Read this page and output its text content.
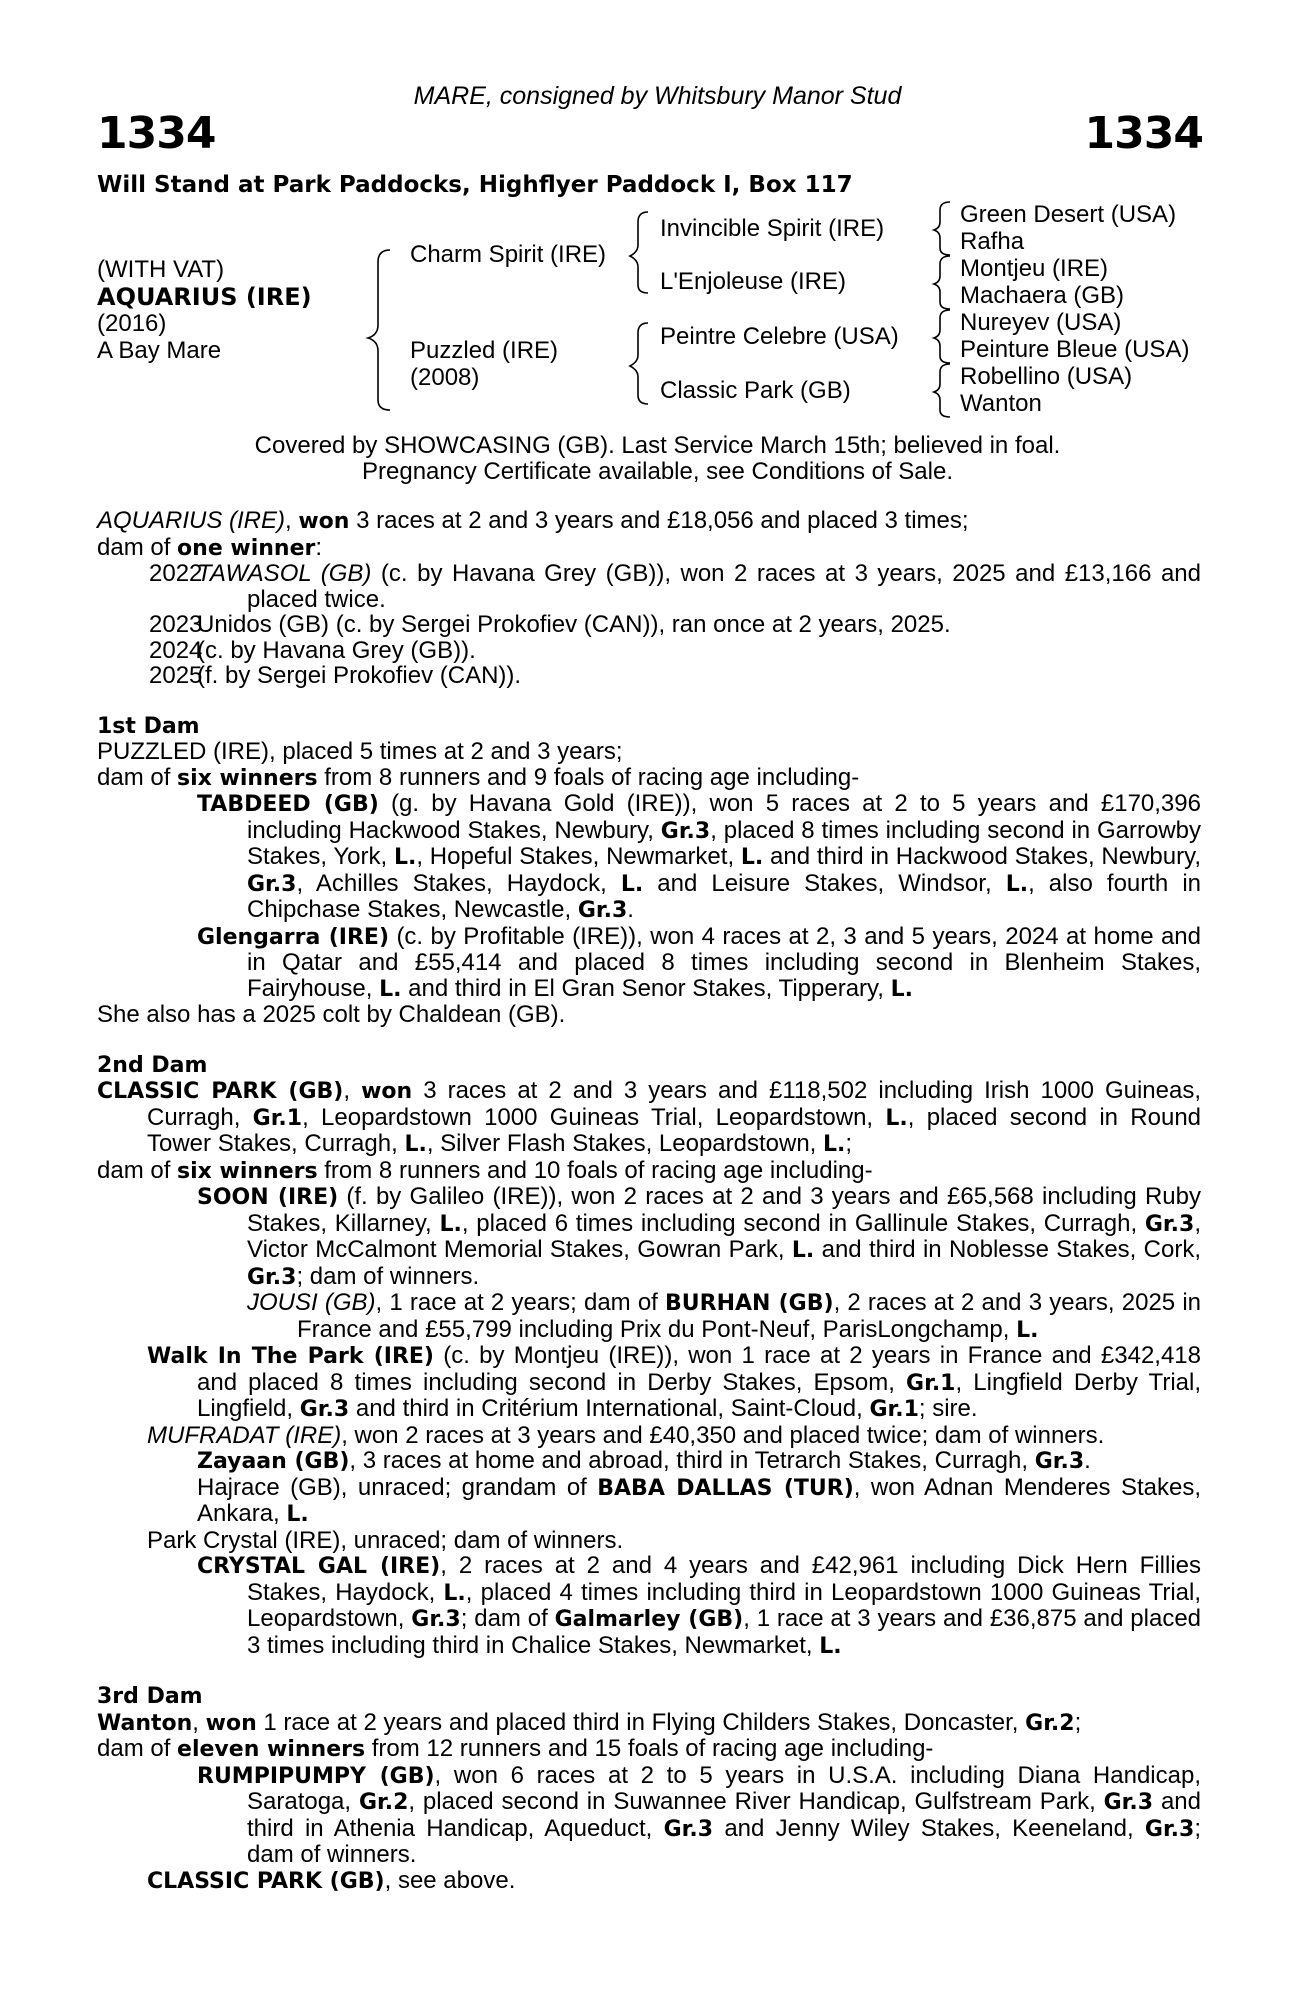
MARE, consigned by Whitsbury Manor Stud
1334	1334
Will Stand at Park Paddocks, Highflyer Paddock I, Box 117
(WITH VAT)
AQUARIUS (IRE)
(2016)
A Bay Mare
Charm Spirit (IRE)
Puzzled (IRE)
(2008)
Invincible Spirit (IRE)
L'Enjoleuse (IRE)
Peintre Celebre (USA)
Classic Park (GB)
Green Desert (USA)
Rafha
Montjeu (IRE)
Machaera (GB)
Nureyev (USA)
Peinture Bleue (USA)
Robellino (USA)
Wanton
Covered by SHOWCASING (GB). Last Service March 15th; believed in foal.
Pregnancy Certificate available, see Conditions of Sale.

AQUARIUS (IRE), won 3 races at 2 and 3 years and £18,056 and placed 3 times;

dam of one winner:

2022
TAWASOL (GB) (c. by Havana Grey (GB)), won 2 races at 3 years, 2025 and £13,166 and placed twice.
2023
Unidos (GB) (c. by Sergei Prokofiev (CAN)), ran once at 2 years, 2025.
2024
(c. by Havana Grey (GB)).
2025
(f. by Sergei Prokofiev (CAN)).

1st Dam

PUZZLED (IRE), placed 5 times at 2 and 3 years;

dam of six winners from 8 runners and 9 foals of racing age including-

TABDEED (GB) (g. by Havana Gold (IRE)), won 5 races at 2 to 5 years and £170,396 including Hackwood Stakes, Newbury, Gr.3, placed 8 times including second in Garrowby Stakes, York, L., Hopeful Stakes, Newmarket, L. and third in Hackwood Stakes, Newbury, Gr.3, Achilles Stakes, Haydock, L. and Leisure Stakes, Windsor, L., also fourth in Chipchase Stakes, Newcastle, Gr.3.

Glengarra (IRE) (c. by Profitable (IRE)), won 4 races at 2, 3 and 5 years, 2024 at home and in Qatar and £55,414 and placed 8 times including second in Blenheim Stakes, Fairyhouse, L. and third in El Gran Senor Stakes, Tipperary, L.

She also has a 2025 colt by Chaldean (GB).

2nd Dam

CLASSIC PARK (GB), won 3 races at 2 and 3 years and £118,502 including Irish 1000 Guineas, Curragh, Gr.1, Leopardstown 1000 Guineas Trial, Leopardstown, L., placed second in Round Tower Stakes, Curragh, L., Silver Flash Stakes, Leopardstown, L.;

dam of six winners from 8 runners and 10 foals of racing age including-

SOON (IRE) (f. by Galileo (IRE)), won 2 races at 2 and 3 years and £65,568 including Ruby Stakes, Killarney, L., placed 6 times including second in Gallinule Stakes, Curragh, Gr.3, Victor McCalmont Memorial Stakes, Gowran Park, L. and third in Noblesse Stakes, Cork, Gr.3; dam of winners.

JOUSI (GB), 1 race at 2 years; dam of BURHAN (GB), 2 races at 2 and 3 years, 2025 in France and £55,799 including Prix du Pont-Neuf, ParisLongchamp, L.

Walk In The Park (IRE) (c. by Montjeu (IRE)), won 1 race at 2 years in France and £342,418 and placed 8 times including second in Derby Stakes, Epsom, Gr.1, Lingfield Derby Trial, Lingfield, Gr.3 and third in Critérium International, Saint-Cloud, Gr.1; sire.

MUFRADAT (IRE), won 2 races at 3 years and £40,350 and placed twice; dam of winners.

Zayaan (GB), 3 races at home and abroad, third in Tetrarch Stakes, Curragh, Gr.3.

Hajrace (GB), unraced; grandam of BABA DALLAS (TUR), won Adnan Menderes Stakes, Ankara, L.

Park Crystal (IRE), unraced; dam of winners.

CRYSTAL GAL (IRE), 2 races at 2 and 4 years and £42,961 including Dick Hern Fillies Stakes, Haydock, L., placed 4 times including third in Leopardstown 1000 Guineas Trial, Leopardstown, Gr.3; dam of Galmarley (GB), 1 race at 3 years and £36,875 and placed 3 times including third in Chalice Stakes, Newmarket, L.

3rd Dam

Wanton, won 1 race at 2 years and placed third in Flying Childers Stakes, Doncaster, Gr.2;

dam of eleven winners from 12 runners and 15 foals of racing age including-

RUMPIPUMPY (GB), won 6 races at 2 to 5 years in U.S.A. including Diana Handicap, Saratoga, Gr.2, placed second in Suwannee River Handicap, Gulfstream Park, Gr.3 and third in Athenia Handicap, Aqueduct, Gr.3 and Jenny Wiley Stakes, Keeneland, Gr.3; dam of winners.

CLASSIC PARK (GB), see above.
